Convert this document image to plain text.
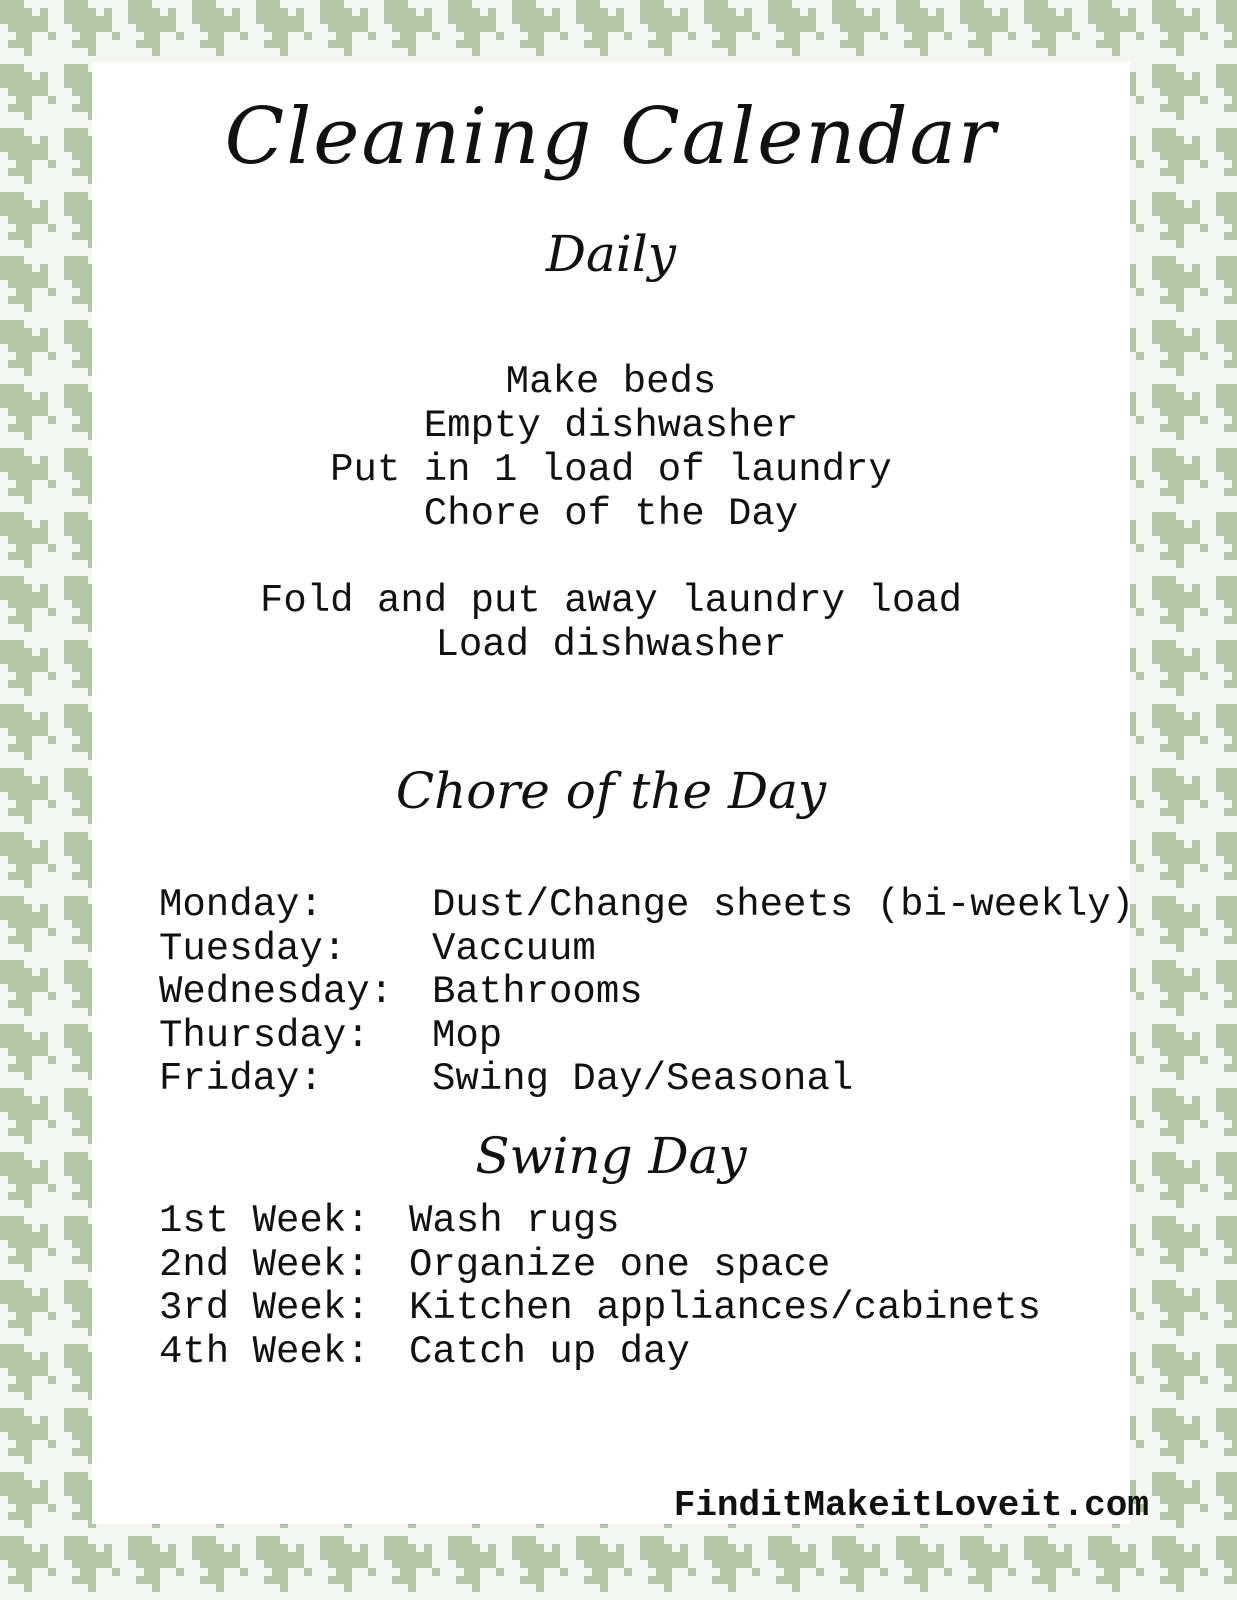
Cleaning Calendar
Daily
Make beds
Empty dishwasher
Put in 1 load of laundry
Chore of the Day
Fold and put away laundry load
Load dishwasher
Chore of the Day
Monday:	Dust/Change sheets (bi-weekly)
Tuesday:	Vaccuum
Wednesday: Bathrooms
Thursday:	Mop
Friday:	Swing Day/Seasonal
Swing Day
1st Week:	Wash rugs
2nd Week:	Organize one space
3rd Week:	Kitchen appliances/cabinets
4th Week:	Catch up day
FinditMakeitLoveit.com
